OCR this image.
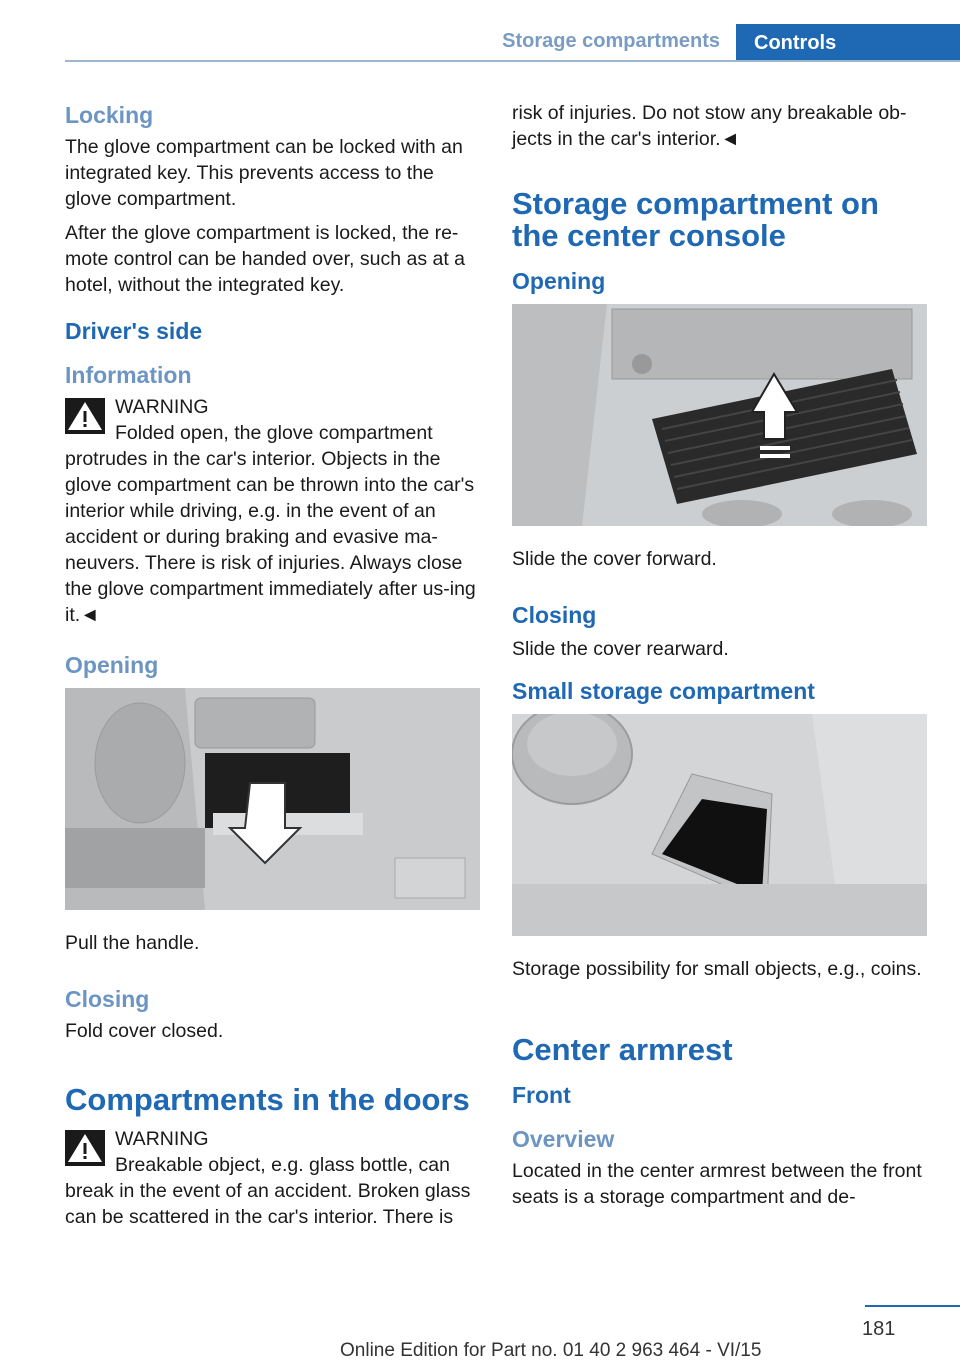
Storage compartments	Controls
Locking

The glove compartment can be locked with an integrated key. This prevents access to the glove compartment.

After the glove compartment is locked, the re-mote control can be handed over, such as at a hotel, without the integrated key.

Driver's side
Information

WARNING

Folded open, the glove compartment

protrudes in the car's interior. Objects in the glove compartment can be thrown into the car's interior while driving, e.g. in the event of an accident or during braking and evasive ma-neuvers. There is risk of injuries. Always close the glove compartment immediately after us-ing it.◄

Opening

Pull the handle.

Closing

Fold cover closed.

Compartments in the doors

WARNING

Breakable object, e.g. glass bottle, can

break in the event of an accident. Broken glass can be scattered in the car's interior. There is

risk of injuries. Do not stow any breakable ob-jects in the car's interior.◄

Storage compartment on the center console
Opening

Slide the cover forward.

Closing

Slide the cover rearward.

Small storage compartment

Storage possibility for small objects, e.g., coins.

Center armrest
Front
Overview

Located in the center armrest between the front seats is a storage compartment and de-

181
Online Edition for Part no. 01 40 2 963 464 - VI/15
